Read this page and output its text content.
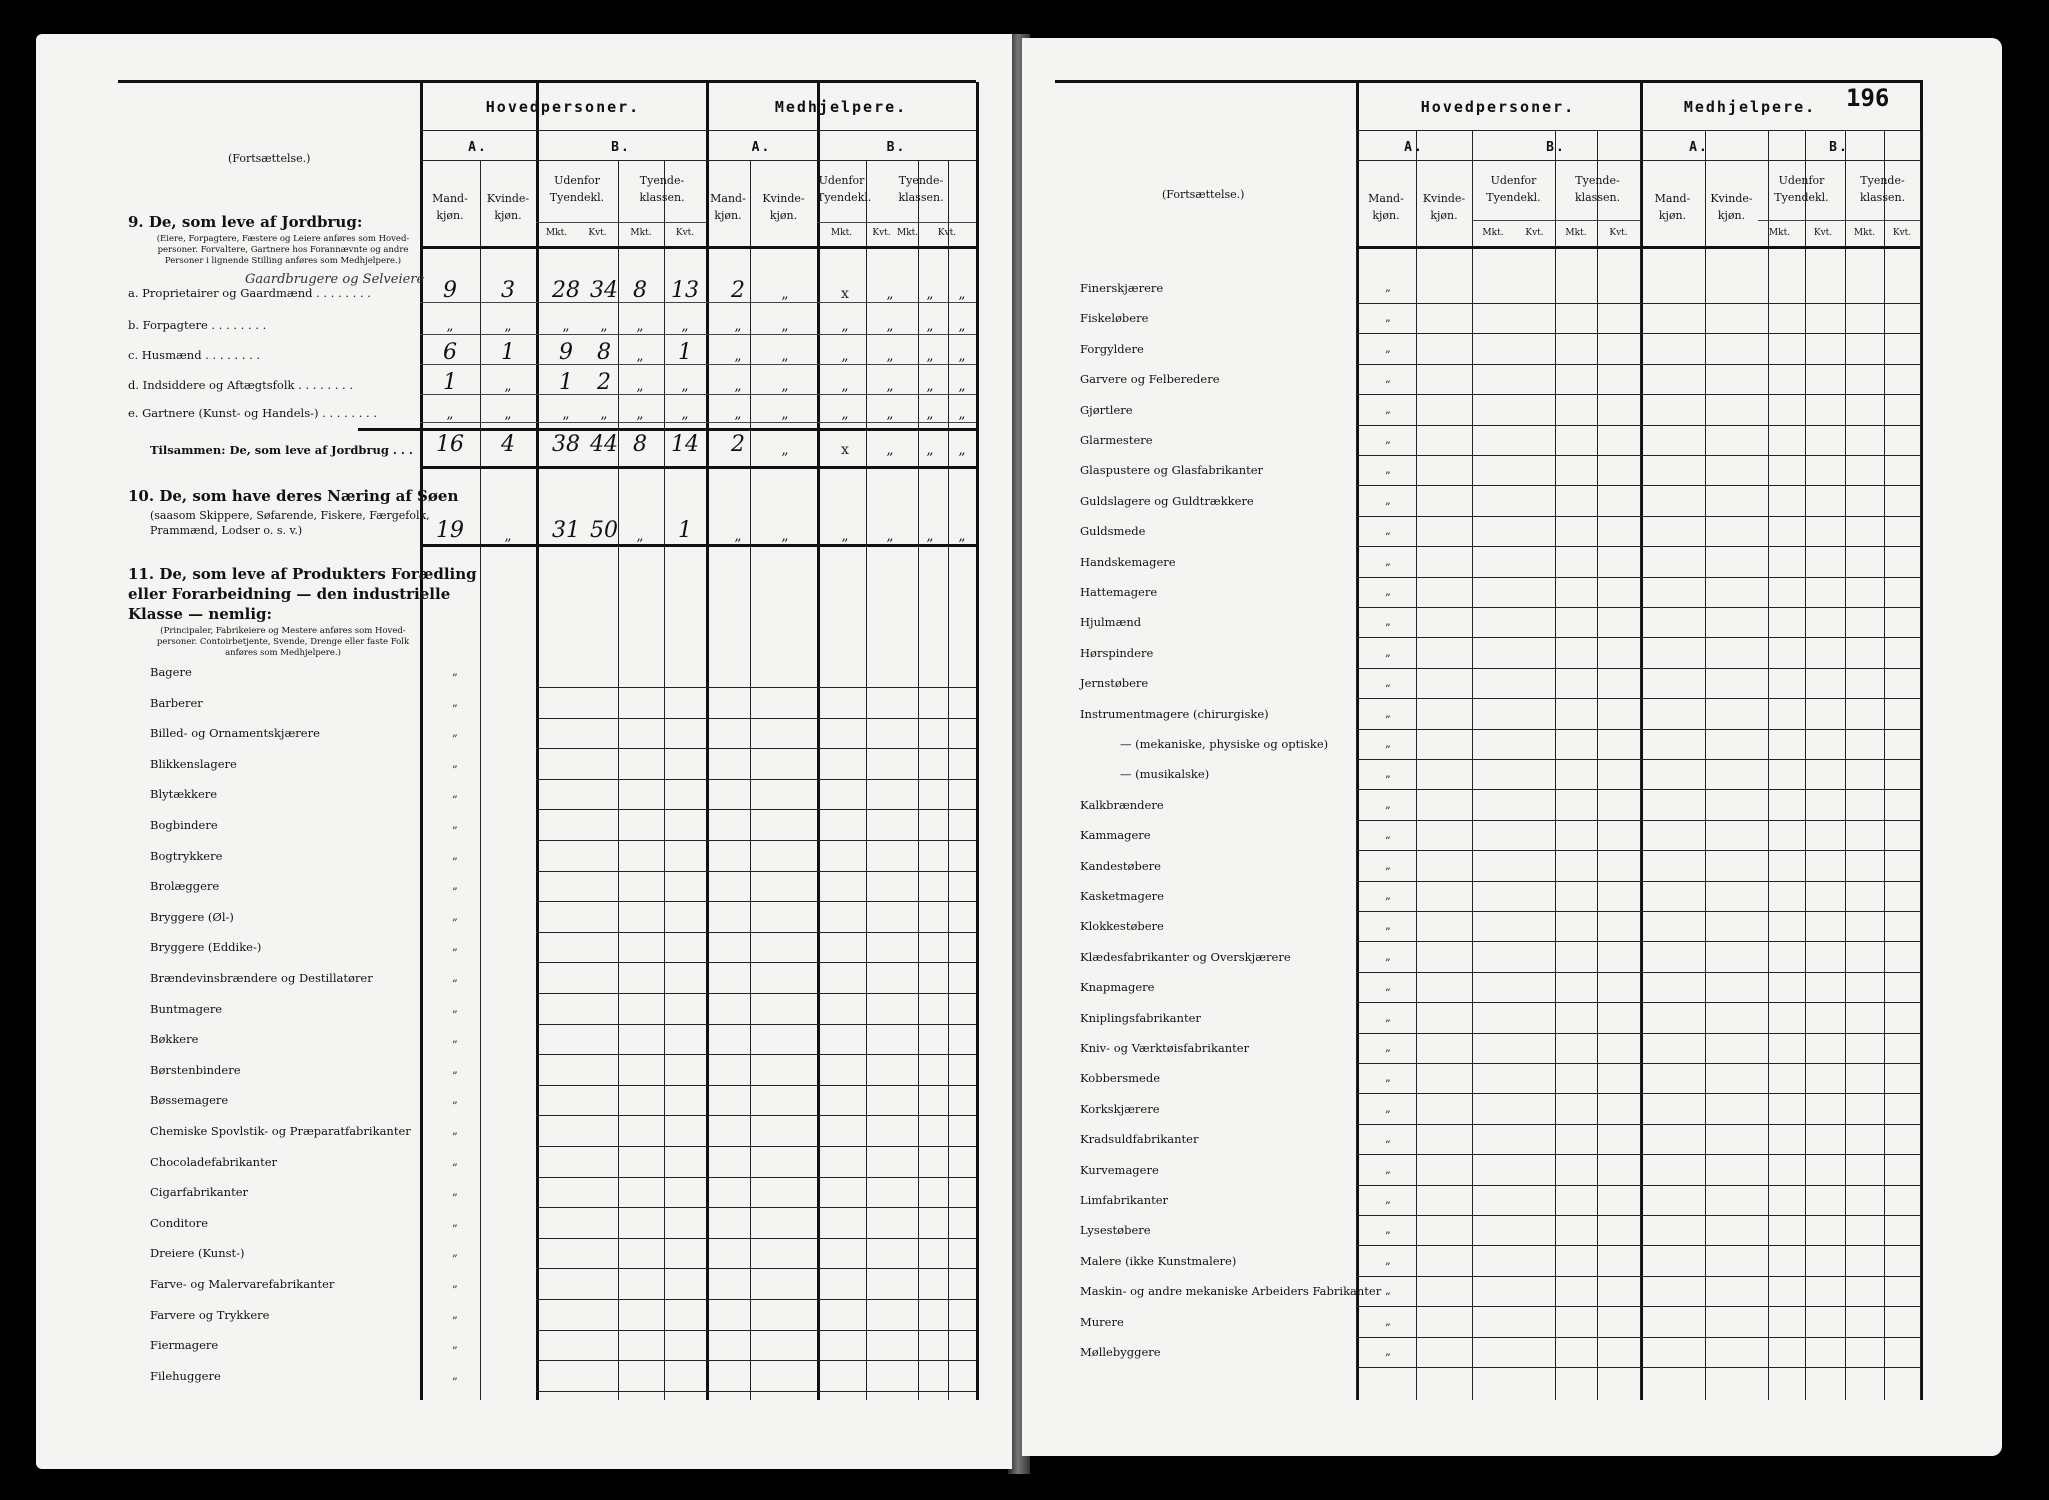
Hovedpersoner.	Medhjelpere.
A.	B.	A.	B.
Mand-
kjøn.
Kvinde-
kjøn.
Udenfor
Tyendekl.
Tyende-
klassen.	Mand-
kjøn.
Kvinde-
kjøn.
Udenfor
Tyendekl.
Tyende-
klassen.
Mkt.	Kvt.	Mkt.	Kvt.	Mkt.	Kvt. Mkt.	Kvt.
(Fortsættelse.)
9. De, som leve af Jordbrug:
(Eiere, Forpagtere, Fæstere og Leiere anføres som Hoved-
personer. Forvaltere, Gartnere hos Forannævnte og andre
Personer i lignende Stilling anføres som Medhjelpere.)
Gaardbrugere og Selveiere
a. Proprietairer og Gaardmænd . . . . . . . .	9	3	28 34 8	13	2	„	x	„	„	„
b. Forpagtere . . . . . . . .	„	„	„	„	„	„	„	„	„	„	„	„
c. Husmænd . . . . . . . .	6	1	9	8	„	1	„	„	„	„	„	„
d. Indsiddere og Aftægtsfolk . . . . . . . .	1	„	1	2	„	„	„	„	„	„	„	„
e. Gartnere (Kunst- og Handels-) . . . . . . . .	„	„	„	„	„	„	„	„	„	„	„	„
Tilsammen: De, som leve af Jordbrug . . . 16	4	38 44 8	14	2	„	x	„	„	„
10. De, som have deres Næring af Søen
(saasom Skippere, Søfarende, Fiskere, Færgefolk,
Prammænd, Lodser o. s. v.)	19	„	31 50	„	1	„	„	„	„	„	„
11. De, som leve af Produkters Forædling
eller Forarbeidning — den industrielle
Klasse — nemlig:
(Principaler, Fabrikeiere og Mestere anføres som Hoved-
personer. Contoirbetjente, Svende, Drenge eller faste Folk
anføres som Medhjelpere.)
Bagere	„
Barberer	„
Billed- og Ornamentskjærere	„
Blikkenslagere	„
Blytækkere	„
Bogbindere	„
Bogtrykkere	„
Brolæggere	„
Bryggere (Øl-)	„
Bryggere (Eddike-)	„
Brændevinsbrændere og Destillatører	„
Buntmagere	„
Bøkkere	„
Børstenbindere	„
Bøssemagere	„
Chemiske Spovlstik- og Præparatfabrikanter	„
Chocoladefabrikanter	„
Cigarfabrikanter	„
Conditore	„
Dreiere (Kunst-)	„
Farve- og Malervarefabrikanter	„
Farvere og Trykkere	„
Fiermagere	„
Filehuggere	„
Hovedpersoner.	Medhjelpere.	196
A.	B.	A.	B.
Mand-
kjøn.
Kvinde-
kjøn.
Udenfor
Tyendekl.
Tyende-
klassen.	Mand-
kjøn.
Kvinde-
kjøn.
Udenfor
Tyendekl.
Tyende-
klassen.
Mkt.	Kvt.	Mkt.	Kvt.	Mkt.	Kvt.	Mkt.	Kvt.
(Fortsættelse.)
Finerskjærere	„
Fiskeløbere	„
Forgyldere	„
Garvere og Felberedere	„
Gjørtlere	„
Glarmestere	„
Glaspustere og Glasfabrikanter	„
Guldslagere og Guldtrækkere	„
Guldsmede	„
Handskemagere	„
Hattemagere	„
Hjulmænd	„
Hørspindere	„
Jernstøbere	„
Instrumentmagere (chirurgiske)	„
— (mekaniske, physiske og optiske)	„
— (musikalske)	„
Kalkbrændere	„
Kammagere	„
Kandestøbere	„
Kasketmagere	„
Klokkestøbere	„
Klædesfabrikanter og Overskjærere	„
Knapmagere	„
Kniplingsfabrikanter	„
Kniv- og Værktøisfabrikanter	„
Kobbersmede	„
Korkskjærere	„
Kradsuldfabrikanter	„
Kurvemagere	„
Limfabrikanter	„
Lysestøbere	„
Malere (ikke Kunstmalere)	„
Maskin- og andre mekaniske Arbeiders Fabrikanter „
Murere	„
Møllebyggere	„
